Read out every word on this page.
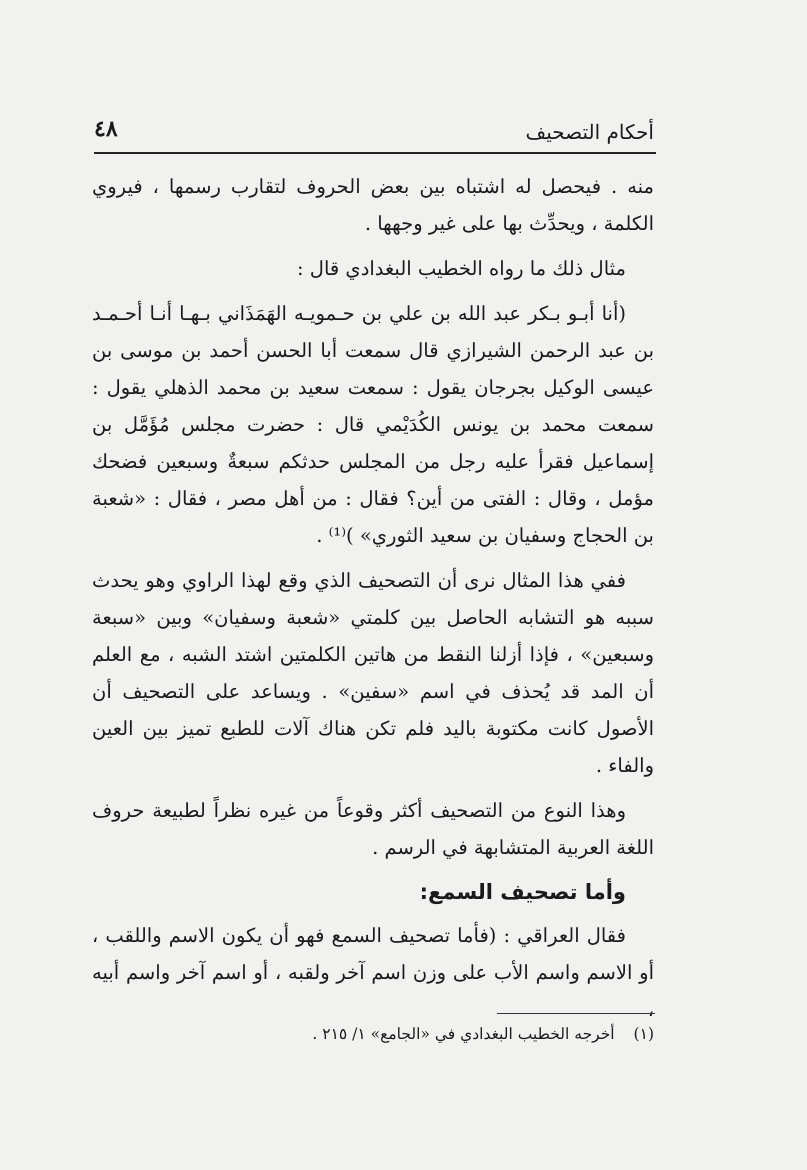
أحكام التصحيف
٤٨

منه . فيحصل له اشتباه بين بعض الحروف لتقارب رسمها ، فيروي الكلمة ، ويحدِّث بها على غير وجهها .

مثال ذلك ما رواه الخطيب البغدادي قال :

(أنا أبـو بـكر عبد الله بن علي بن حـمويـه الهَمَذَاني بـهـا أنـا أحـمـد بن عبد الرحمن الشيرازي قال سمعت أبا الحسن أحمد بن موسى بن عيسى الوكيل بجرجان يقول : سمعت سعيد بن محمد الذهلي يقول : سمعت محمد بن يونس الكُدَيْمي قال : حضرت مجلس مُؤَمَّل بن إسماعيل فقرأ عليه رجل من المجلس حدثكم سبعةٌ وسبعين فضحك مؤمل ، وقال : الفتى من أين؟ فقال : من أهل مصر ، فقال : «شعبة بن الحجاج وسفيان بن سعيد الثوري» )⁽¹⁾ .

ففي هذا المثال نرى أن التصحيف الذي وقع لهذا الراوي وهو يحدث سببه هو التشابه الحاصل بين كلمتي «شعبة وسفيان» وبين «سبعة وسبعين» ، فإذا أزلنا النقط من هاتين الكلمتين اشتد الشبه ، مع العلم أن المد قد يُحذف في اسم «سفين» . ويساعد على التصحيف أن الأصول كانت مكتوبة باليد فلم تكن هناك آلات للطبع تميز بين العين والفاء .

وهذا النوع من التصحيف أكثر وقوعاً من غيره نظراً لطبيعة حروف اللغة العربية المتشابهة في الرسم .

وأما تصحيف السمع:

فقال العراقي : (فأما تصحيف السمع فهو أن يكون الاسم واللقب ، أو الاسم واسم الأب على وزن اسم آخر ولقبه ، أو اسم آخر واسم أبيه ،

(١) أخرجه الخطيب البغدادي في «الجامع» ١/ ٢١٥ .
